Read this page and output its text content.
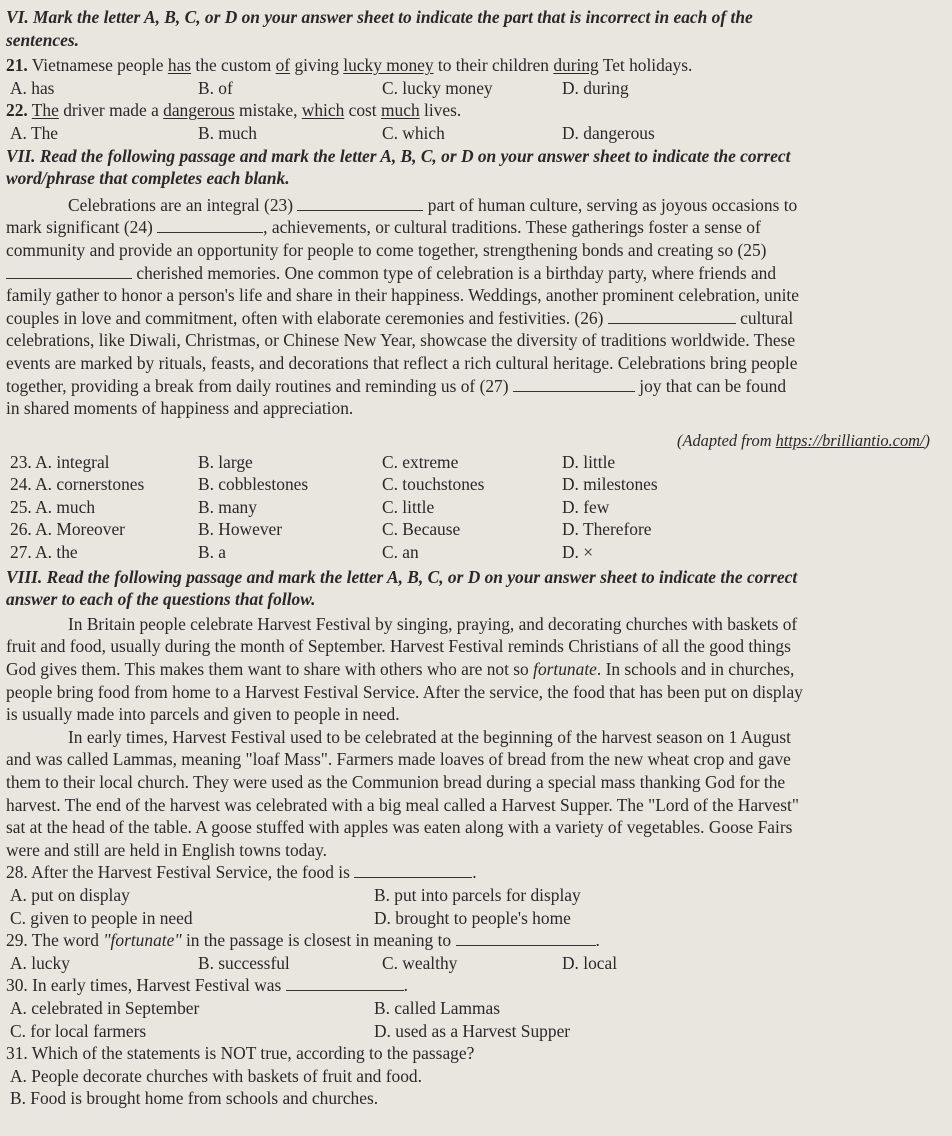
VI. Mark the letter A, B, C, or D on your answer sheet to indicate the part that is incorrect in each of the
sentences.
21. Vietnamese people has the custom of giving lucky money to their children during Tet holidays.
A. has	B. of	C. lucky money	D. during
22. The driver made a dangerous mistake, which cost much lives.
A. The	B. much	C. which	D. dangerous
VII. Read the following passage and mark the letter A, B, C, or D on your answer sheet to indicate the correct
word/phrase that completes each blank.
Celebrations are an integral (23)	part of human culture, serving as joyous occasions to
mark significant (24)	, achievements, or cultural traditions. These gatherings foster a sense of
community and provide an opportunity for people to come together, strengthening bonds and creating so (25)
cherished memories. One common type of celebration is a birthday party, where friends and
family gather to honor a person's life and share in their happiness. Weddings, another prominent celebration, unite
couples in love and commitment, often with elaborate ceremonies and festivities. (26)	cultural
celebrations, like Diwali, Christmas, or Chinese New Year, showcase the diversity of traditions worldwide. These
events are marked by rituals, feasts, and decorations that reflect a rich cultural heritage. Celebrations bring people
together, providing a break from daily routines and reminding us of (27)	joy that can be found
in shared moments of happiness and appreciation.
(Adapted from https://brilliantio.com/)
23. A. integral	B. large	C. extreme	D. little
24. A. cornerstones	B. cobblestones	C. touchstones	D. milestones
25. A. much	B. many	C. little	D. few
26. A. Moreover	B. However	C. Because	D. Therefore
27. A. the	B. a	C. an	D. ×
VIII. Read the following passage and mark the letter A, B, C, or D on your answer sheet to indicate the correct
answer to each of the questions that follow.
In Britain people celebrate Harvest Festival by singing, praying, and decorating churches with baskets of
fruit and food, usually during the month of September. Harvest Festival reminds Christians of all the good things
God gives them. This makes them want to share with others who are not so fortunate. In schools and in churches,
people bring food from home to a Harvest Festival Service. After the service, the food that has been put on display
is usually made into parcels and given to people in need.
In early times, Harvest Festival used to be celebrated at the beginning of the harvest season on 1 August
and was called Lammas, meaning "loaf Mass". Farmers made loaves of bread from the new wheat crop and gave
them to their local church. They were used as the Communion bread during a special mass thanking God for the
harvest. The end of the harvest was celebrated with a big meal called a Harvest Supper. The "Lord of the Harvest"
sat at the head of the table. A goose stuffed with apples was eaten along with a variety of vegetables. Goose Fairs
were and still are held in English towns today.
28. After the Harvest Festival Service, the food is	.
A. put on display	B. put into parcels for display
C. given to people in need	D. brought to people's home
29. The word "fortunate" in the passage is closest in meaning to	.
A. lucky	B. successful	C. wealthy	D. local
30. In early times, Harvest Festival was	.
A. celebrated in September	B. called Lammas
C. for local farmers	D. used as a Harvest Supper
31. Which of the statements is NOT true, according to the passage?
A. People decorate churches with baskets of fruit and food.
B. Food is brought home from schools and churches.
